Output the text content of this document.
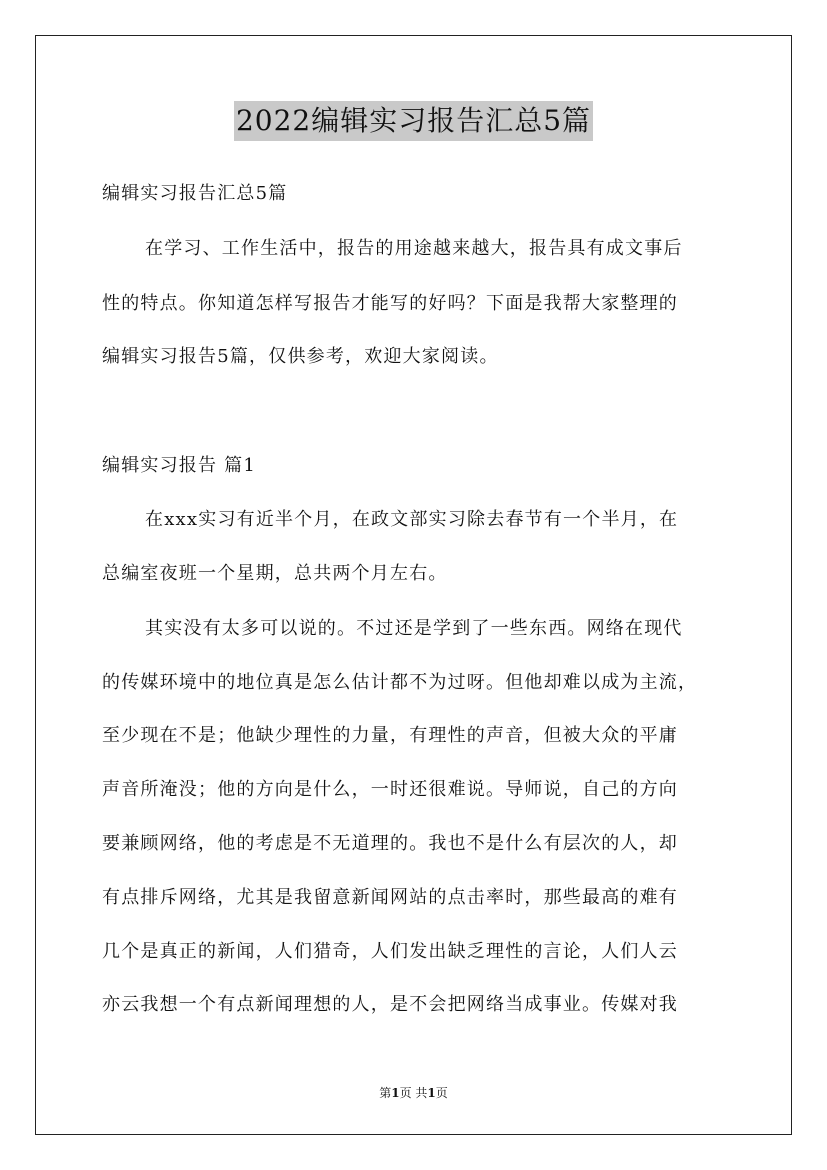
2022编辑实习报告汇总5篇
编辑实习报告汇总5篇
在学习、工作生活中，报告的用途越来越大，报告具有成文事后
性的特点。你知道怎样写报告才能写的好吗？下面是我帮大家整理的
编辑实习报告5篇，仅供参考，欢迎大家阅读。
编辑实习报告 篇1
在xxx实习有近半个月，在政文部实习除去春节有一个半月，在
总编室夜班一个星期，总共两个月左右。
其实没有太多可以说的。不过还是学到了一些东西。网络在现代
的传媒环境中的地位真是怎么估计都不为过呀。但他却难以成为主流，
至少现在不是；他缺少理性的力量，有理性的声音，但被大众的平庸
声音所淹没；他的方向是什么，一时还很难说。导师说，自己的方向
要兼顾网络，他的考虑是不无道理的。我也不是什么有层次的人，却
有点排斥网络，尤其是我留意新闻网站的点击率时，那些最高的难有
几个是真正的新闻，人们猎奇，人们发出缺乏理性的言论，人们人云
亦云我想一个有点新闻理想的人，是不会把网络当成事业。传媒对我
第1页 共1页
